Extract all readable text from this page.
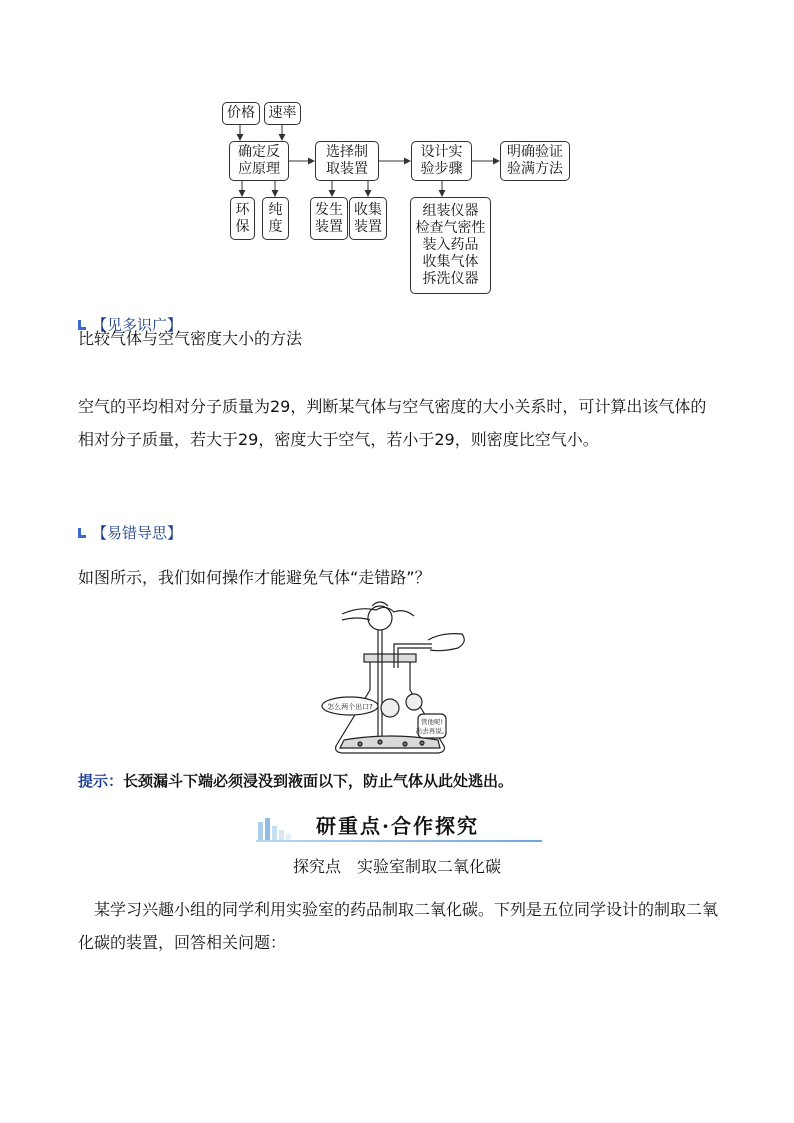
价格 速率
确定反
应原理
选择制
取装置
设计实
验步骤
明确验证
验满方法
环
保
纯
度
发生
装置
收集
装置
组装仪器
检查气密性
装入药品
收集气体
拆洗仪器
【见多识广】
比较气体与空气密度大小的方法
空气的平均相对分子质量为29，判断某气体与空气密度的大小关系时，可计算出该气体的相对分子质量，若大于29，密度大于空气，若小于29，则密度比空气小。
【易错导思】
如图所示，我们如何操作才能避免气体“走错路”？
怎么两个出口?
管他呢!
出去再说。
提示：长颈漏斗下端必须浸没到液面以下，防止气体从此处逃出。
研重点·合作探究
探究点　实验室制取二氧化碳
　某学习兴趣小组的同学利用实验室的药品制取二氧化碳。下列是五位同学设计的制取二氧化碳的装置，回答相关问题：
